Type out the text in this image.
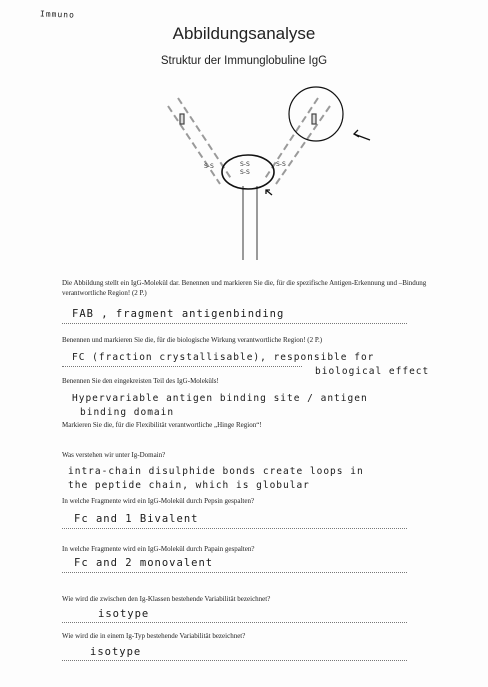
Immuno
Abbildungsanalyse
Struktur der Immunglobuline IgG
S-S	S-S
S-S
S-S
Die Abbildung stellt ein IgG-Molekül dar. Benennen und markieren Sie die, für die spezifische Antigen-Erkennung und –Bindung verantwortliche Region! (2 P.)
FAB , fragment antigenbinding
Benennen und markieren Sie die, für die biologische Wirkung verantwortliche Region! (2 P.)
FC (fraction crystallisable), responsible for
biological effect
Benennen Sie den eingekreisten Teil des IgG-Moleküls!
Hypervariable antigen binding site / antigen
binding domain
Markieren Sie die, für die Flexibilität verantwortliche „Hinge Region“!
Was verstehen wir unter Ig-Domain?
intra-chain disulphide bonds create loops in
the peptide chain, which is globular
In welche Fragmente wird ein IgG-Molekül durch Pepsin gespalten?
Fc and 1 Bivalent
In welche Fragmente wird ein IgG-Molekül durch Papain gespalten?
Fc and 2 monovalent
Wie wird die zwischen den Ig-Klassen bestehende Variabilität bezeichnet?
isotype
Wie wird die in einem Ig-Typ bestehende Variabilität bezeichnet?
isotype
